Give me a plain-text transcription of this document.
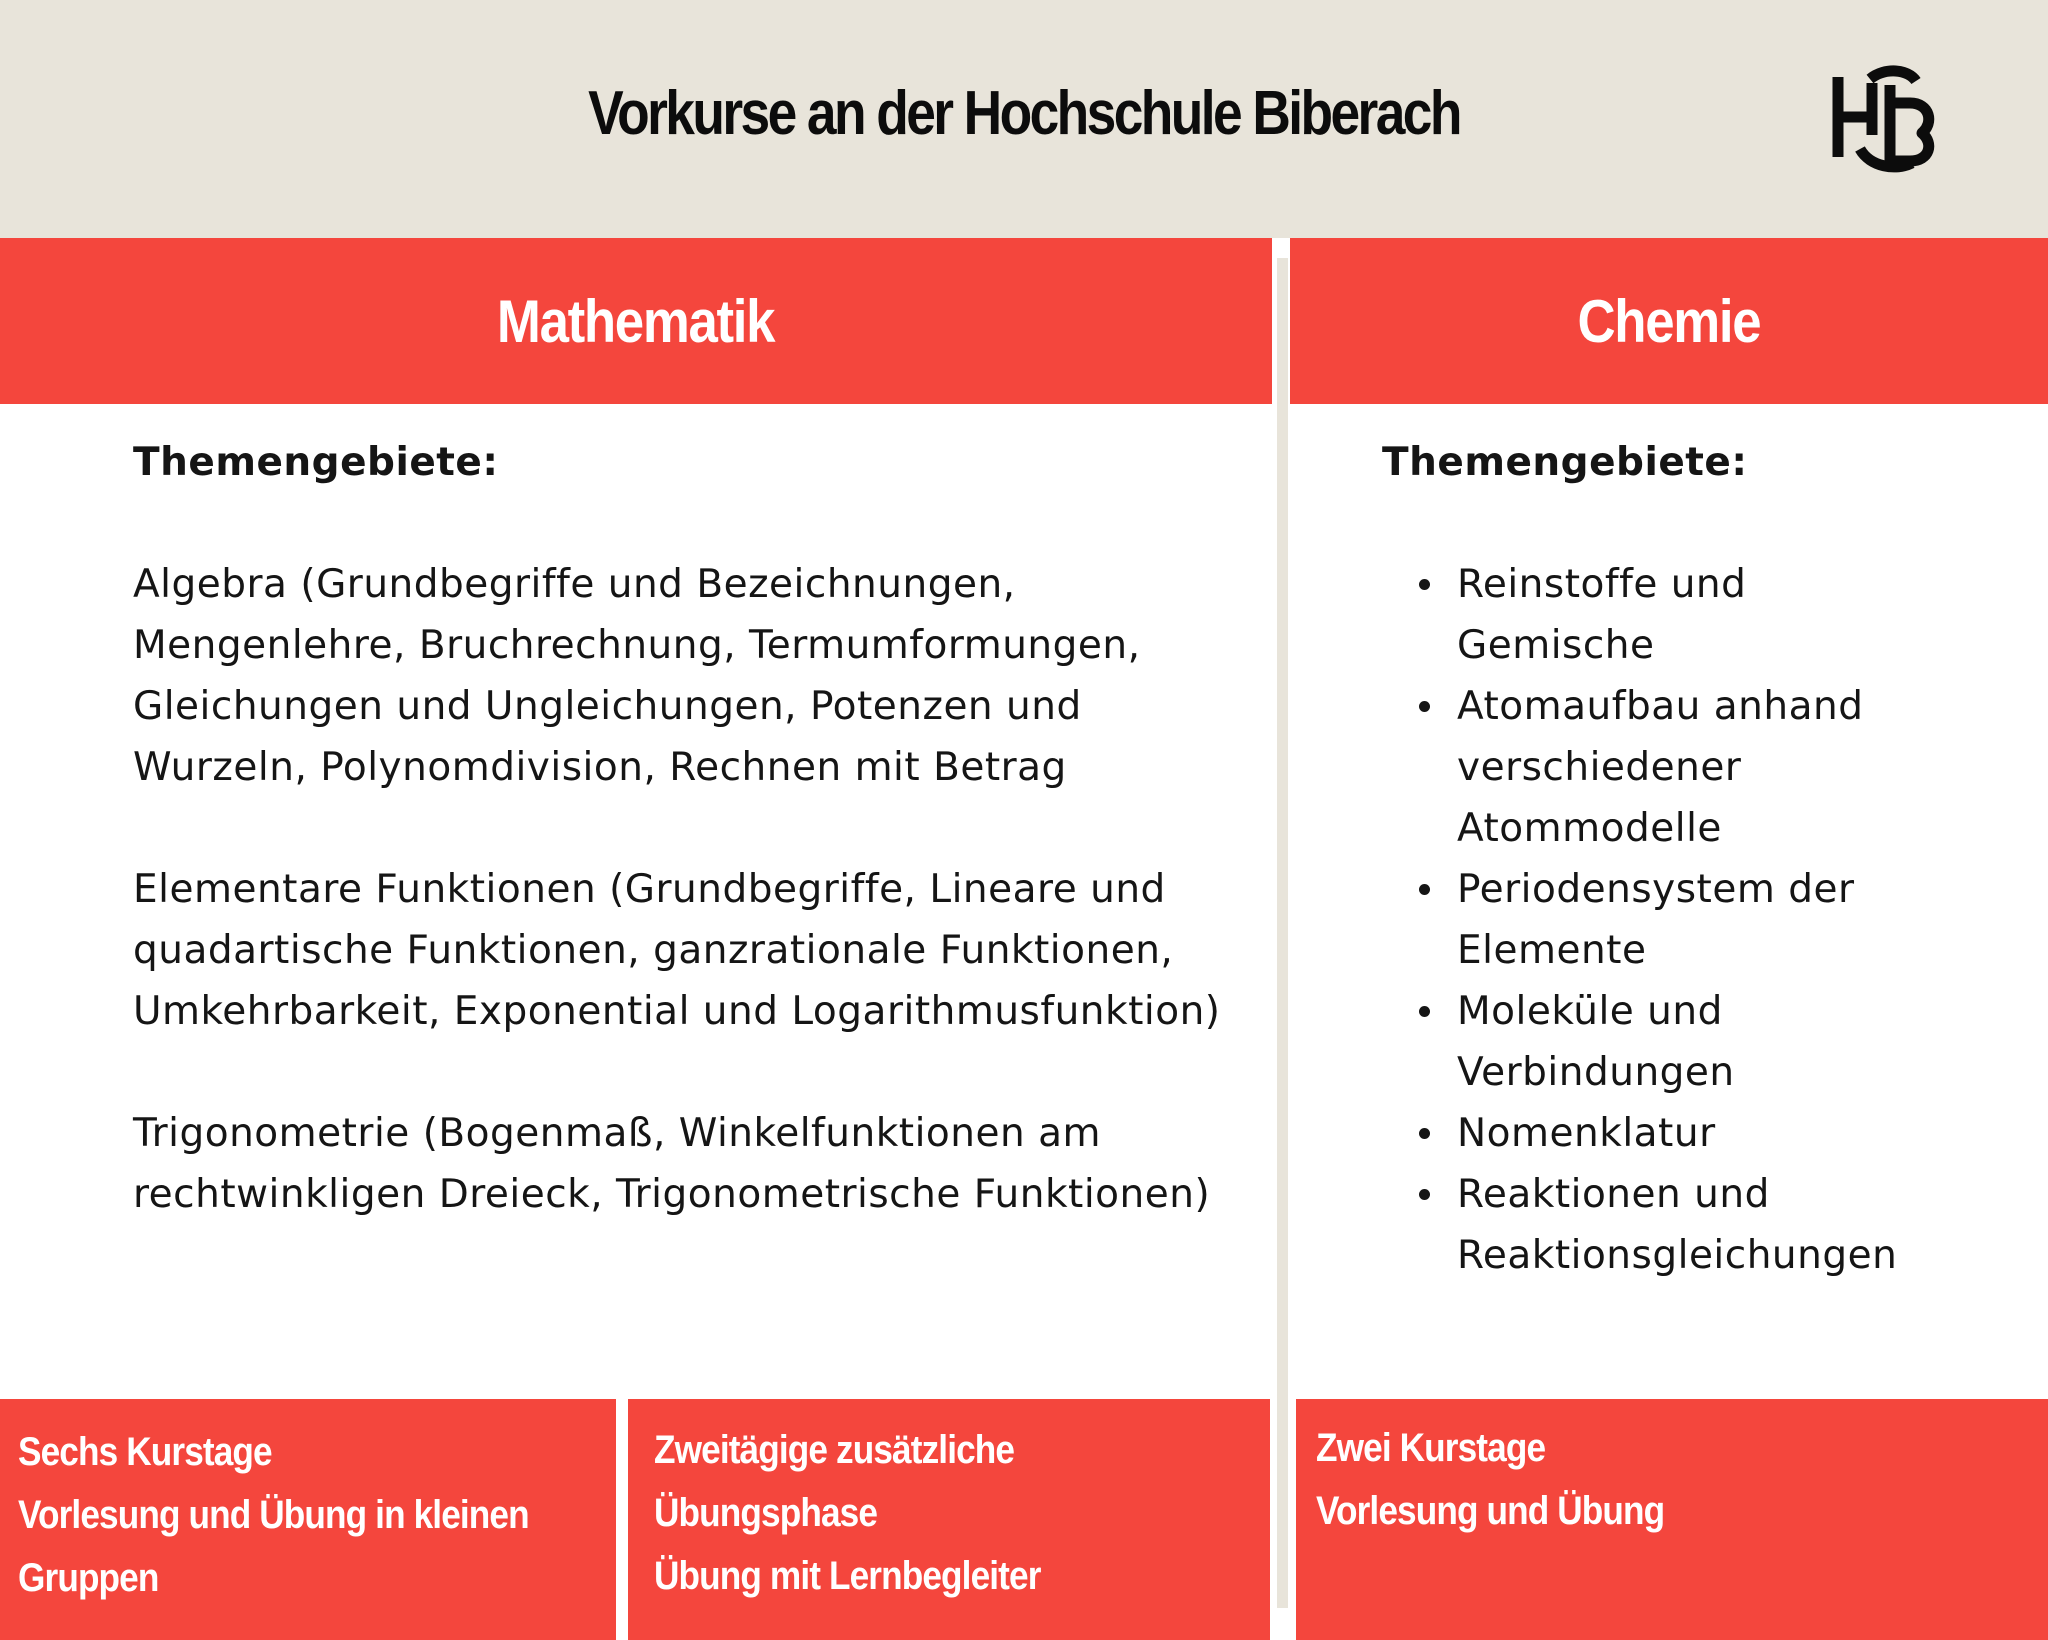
Vorkurse an der Hochschule Biberach
Mathematik	Chemie

Themengebiete:

Algebra (Grundbegriffe und Bezeichnungen, Mengenlehre, Bruchrechnung, Termumformungen, Gleichungen und Ungleichungen, Potenzen und Wurzeln, Polynomdivision, Rechnen mit Betrag

Elementare Funktionen (Grundbegriffe, Lineare und quadartische Funktionen, ganzrationale Funktionen, Umkehrbarkeit, Exponential und Logarithmusfunktion)

Trigonometrie (Bogenmaß, Winkelfunktionen am rechtwinkligen Dreieck, Trigonometrische Funktionen)

Themengebiete:

Reinstoffe und
Gemische
Atomaufbau anhand
verschiedener
Atommodelle
Periodensystem der
Elemente
Moleküle und
Verbindungen
Nomenklatur
Reaktionen und
Reaktionsgleichungen
Sechs Kurstage
Vorlesung und Übung in kleinen
Gruppen
Zweitägige zusätzliche
Übungsphase
Übung mit Lernbegleiter
Zwei Kurstage
Vorlesung und Übung
